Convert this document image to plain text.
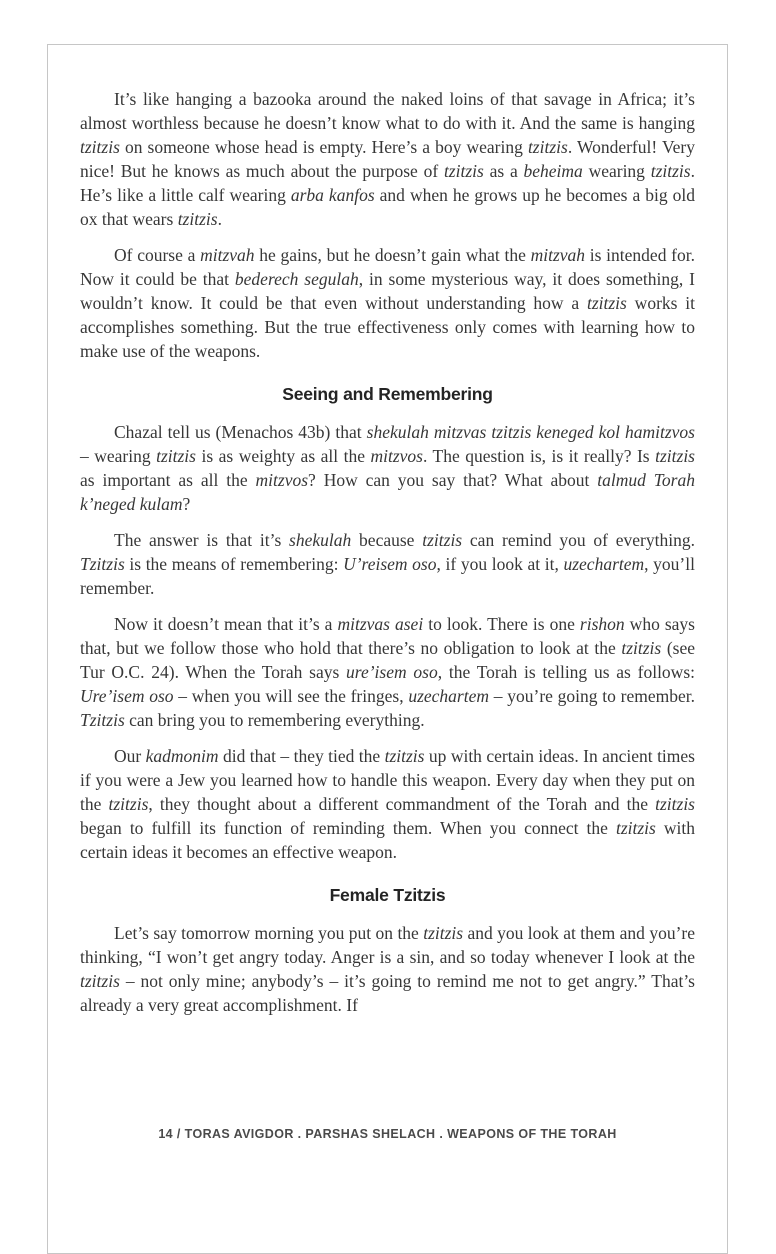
It’s like hanging a bazooka around the naked loins of that savage in Africa; it’s almost worthless because he doesn’t know what to do with it. And the same is hanging tzitzis on someone whose head is empty. Here’s a boy wearing tzitzis. Wonderful! Very nice! But he knows as much about the purpose of tzitzis as a beheima wearing tzitzis. He’s like a little calf wearing arba kanfos and when he grows up he becomes a big old ox that wears tzitzis.

Of course a mitzvah he gains, but he doesn’t gain what the mitzvah is intended for. Now it could be that bederech segulah, in some mysterious way, it does something, I wouldn’t know. It could be that even without understanding how a tzitzis works it accomplishes something. But the true effectiveness only comes with learning how to make use of the weapons.

Seeing and Remembering

Chazal tell us (Menachos 43b) that shekulah mitzvas tzitzis keneged kol hamitzvos – wearing tzitzis is as weighty as all the mitzvos. The question is, is it really? Is tzitzis as important as all the mitzvos? How can you say that? What about talmud Torah k’neged kulam?

The answer is that it’s shekulah because tzitzis can remind you of everything. Tzitzis is the means of remembering: U’reisem oso, if you look at it, uzechartem, you’ll remember.

Now it doesn’t mean that it’s a mitzvas asei to look. There is one rishon who says that, but we follow those who hold that there’s no obligation to look at the tzitzis (see Tur O.C. 24). When the Torah says ure’isem oso, the Torah is telling us as follows: Ure’isem oso – when you will see the fringes, uzechartem – you’re going to remember. Tzitzis can bring you to remembering everything.

Our kadmonim did that – they tied the tzitzis up with certain ideas. In ancient times if you were a Jew you learned how to handle this weapon. Every day when they put on the tzitzis, they thought about a different commandment of the Torah and the tzitzis began to fulfill its function of reminding them. When you connect the tzitzis with certain ideas it becomes an effective weapon.

Female Tzitzis

Let’s say tomorrow morning you put on the tzitzis and you look at them and you’re thinking, “I won’t get angry today. Anger is a sin, and so today whenever I look at the tzitzis – not only mine; anybody’s – it’s going to remind me not to get angry.” That’s already a very great accomplishment. If

14 / TORAS AVIGDOR . PARSHAS SHELACH . WEAPONS OF THE TORAH
